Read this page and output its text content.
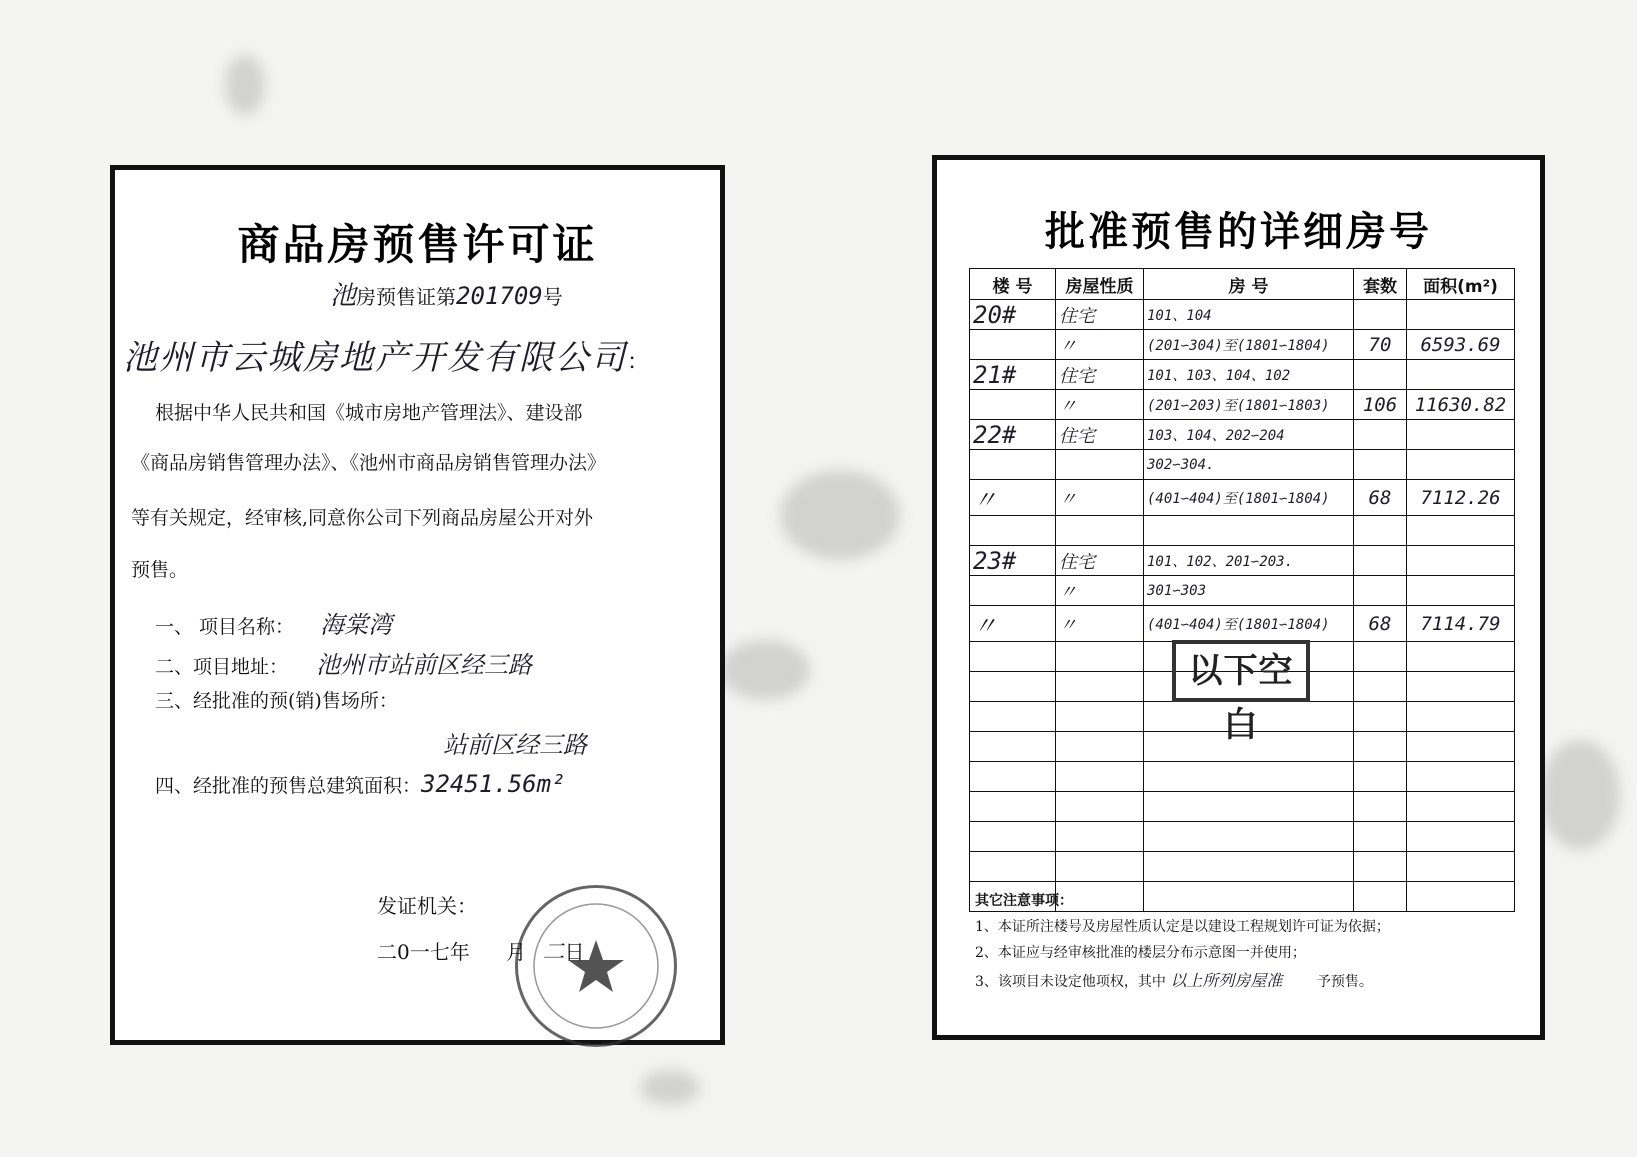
商品房预售许可证
池房预售证第201709号
池州市云城房地产开发有限公司：
根据中华人民共和国《城市房地产管理法》、建设部
《商品房销售管理办法》、《池州市商品房销售管理办法》
等有关规定，经审核,同意你公司下列商品房屋公开对外
预售。
一、 项目名称： 海棠湾
二、项目地址： 池州市站前区经三路
三、经批准的预(销)售场所：
站前区经三路
四、经批准的预售总建筑面积：32451.56m²
发证机关：
二0一七年 月 二日
批准预售的详细房号
楼 号	房屋性质	房 号	套数	面积(m²)
20#	住宅	101、104		
	〃	(201∽304)至(1801∽1804)	70	6593.69
21#	住宅	101、103、104、102		
	〃	(201∽203)至(1801∽1803)	106	11630.82
22#	住宅	103、104、202∽204		
		302∽304.		
〃	〃	(401∽404)至(1801∽1804)	68	7112.26

23#	住宅	101、102、201∽203.		
	〃	301∽303		
〃	〃	(401∽404)至(1801∽1804)	68	7114.79

其它注意事项：
1、本证所注楼号及房屋性质认定是以建设工程规划许可证为依据；
2、本证应与经审核批准的楼层分布示意图一并使用；
3、该项目未设定他项权，其中 以上所列房屋准 予预售。
以下空白
